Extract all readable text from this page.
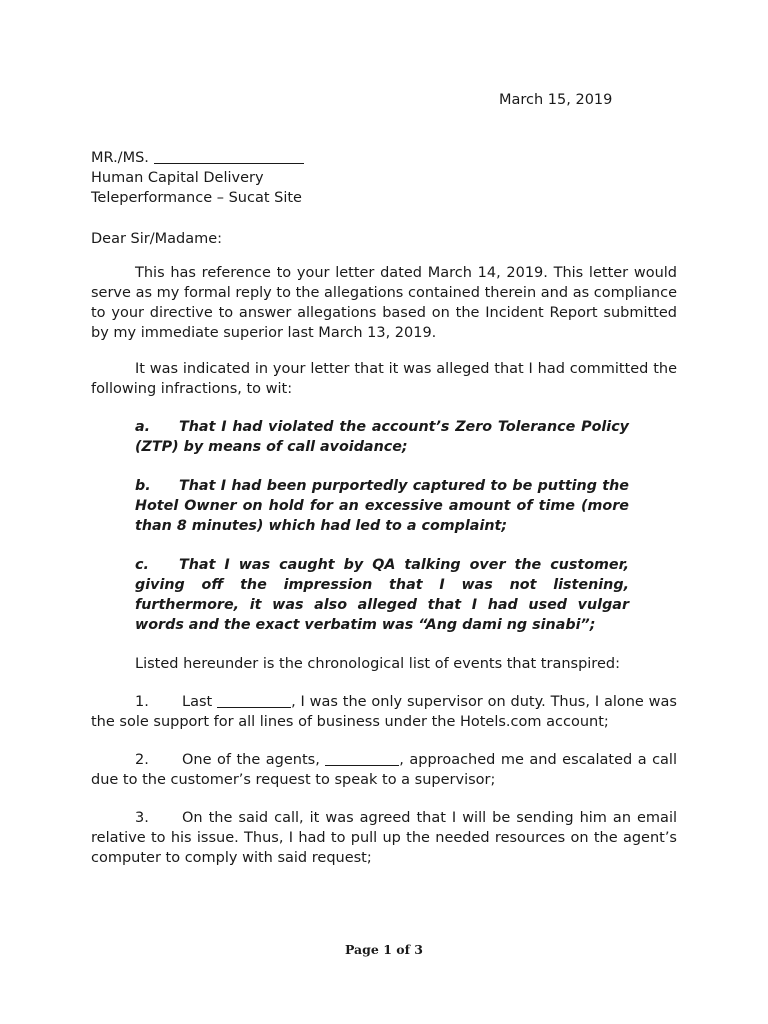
March 15, 2019
MR./MS.
Human Capital Delivery
Teleperformance – Sucat Site
Dear Sir/Madame:

This has reference to your letter dated March 14, 2019. This letter would serve as my formal reply to the allegations contained therein and as compliance to your directive to answer allegations based on the Incident Report submitted by my immediate superior last March 13, 2019.

It was indicated in your letter that it was alleged that I had committed the following infractions, to wit:

a. That I had violated the account’s Zero Tolerance Policy (ZTP) by means of call avoidance;
b. That I had been purportedly captured to be putting the Hotel Owner on hold for an excessive amount of time (more than 8 minutes) which had led to a complaint;
c. That I was caught by QA talking over the customer, giving off the impression that I was not listening, furthermore, it was also alleged that I had used vulgar words and the exact verbatim was “Ang dami ng sinabi”;

Listed hereunder is the chronological list of events that transpired:

1. Last	, I was the only supervisor on duty. Thus, I alone was the sole support for all lines of business under the Hotels.com account;

2. One of the agents,	, approached me and escalated a call due to the customer’s request to speak to a supervisor;

3. On the said call, it was agreed that I will be sending him an email relative to his issue. Thus, I had to pull up the needed resources on the agent’s computer to comply with said request;

Page 1 of 3
